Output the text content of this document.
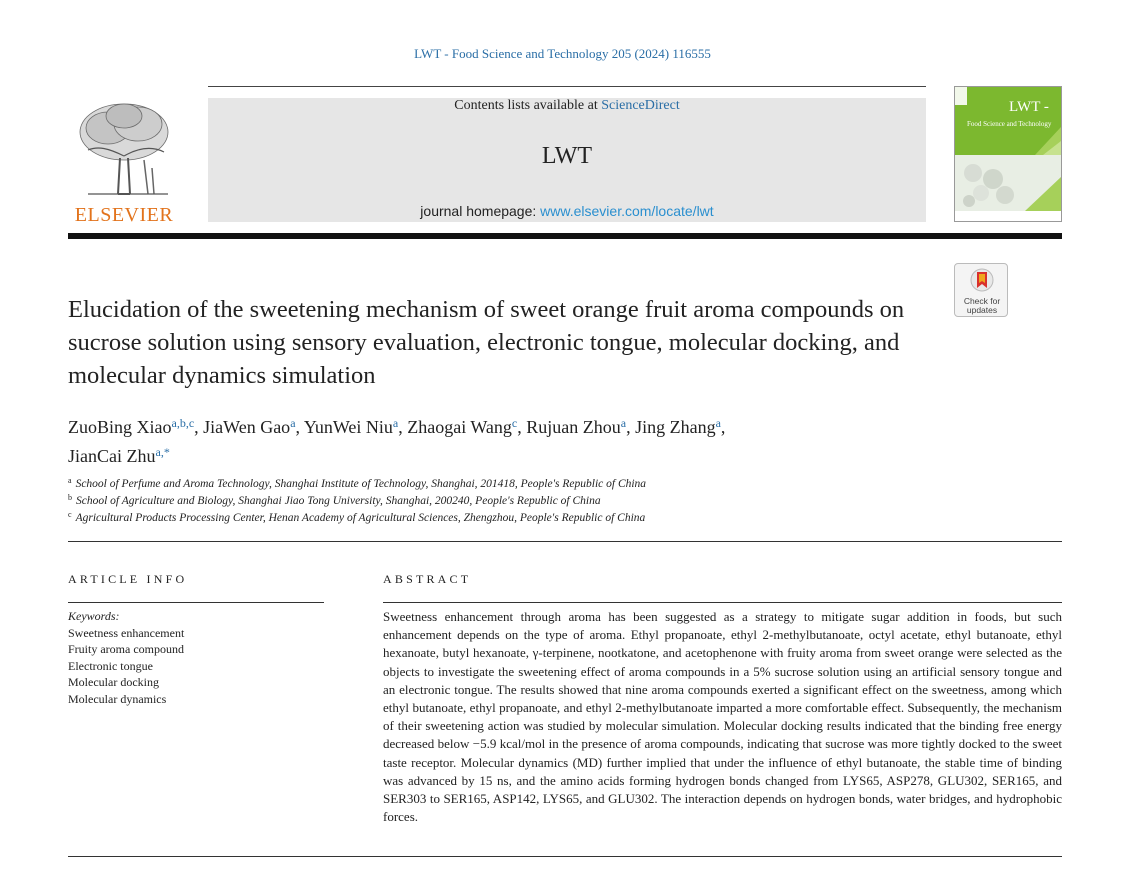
LWT - Food Science and Technology 205 (2024) 116555
ELSEVIER
Contents lists available at ScienceDirect
LWT
journal homepage: www.elsevier.com/locate/lwt
LWT -
Food Science and Technology
Check for
updates
Elucidation of the sweetening mechanism of sweet orange fruit aroma compounds on sucrose solution using sensory evaluation, electronic tongue, molecular docking, and molecular dynamics simulation
ZuoBing Xiao$^{a,b,c}$, JiaWen Gao$^a$, YunWei Niu$^a$, Zhaogai Wang$^c$, Rujuan Zhou$^a$, Jing Zhang$^a$,
JianCai Zhu$^{a,*}$
$^a$ School of Perfume and Aroma Technology, Shanghai Institute of Technology, Shanghai, 201418, People's Republic of China
$^b$ School of Agriculture and Biology, Shanghai Jiao Tong University, Shanghai, 200240, People's Republic of China
$^c$ Agricultural Products Processing Center, Henan Academy of Agricultural Sciences, Zhengzhou, People's Republic of China
ARTICLE INFO	ABSTRACT
Keywords:
Sweetness enhancement
Fruity aroma compound
Electronic tongue
Molecular docking
Molecular dynamics
Sweetness enhancement through aroma has been suggested as a strategy to mitigate sugar addition in foods, but such enhancement depends on the type of aroma. Ethyl propanoate, ethyl 2-methylbutanoate, octyl acetate, ethyl butanoate, ethyl hexanoate, butyl hexanoate, γ-terpinene, nootkatone, and acetophenone with fruity aroma from sweet orange were selected as the objects to investigate the sweetening effect of aroma compounds in a 5% sucrose solution using an artificial sensory tongue and an electronic tongue. The results showed that nine aroma compounds exerted a significant effect on the sweetness, among which ethyl butanoate, ethyl propanoate, and ethyl 2-methylbutanoate imparted a more comfortable effect. Subsequently, the mechanism of their sweetening action was studied by molecular simulation. Molecular docking results indicated that the binding free energy decreased below −5.9 kcal/mol in the presence of aroma compounds, indicating that sucrose was more tightly docked to the sweet taste receptor. Molecular dynamics (MD) further implied that under the influence of ethyl butanoate, the stable time of binding was advanced by 15 ns, and the amino acids forming hydrogen bonds changed from LYS65, ASP278, GLU302, SER165, and SER303 to SER165, ASP142, LYS65, and GLU302. The interaction depends on hydrogen bonds, water bridges, and hydrophobic forces.
